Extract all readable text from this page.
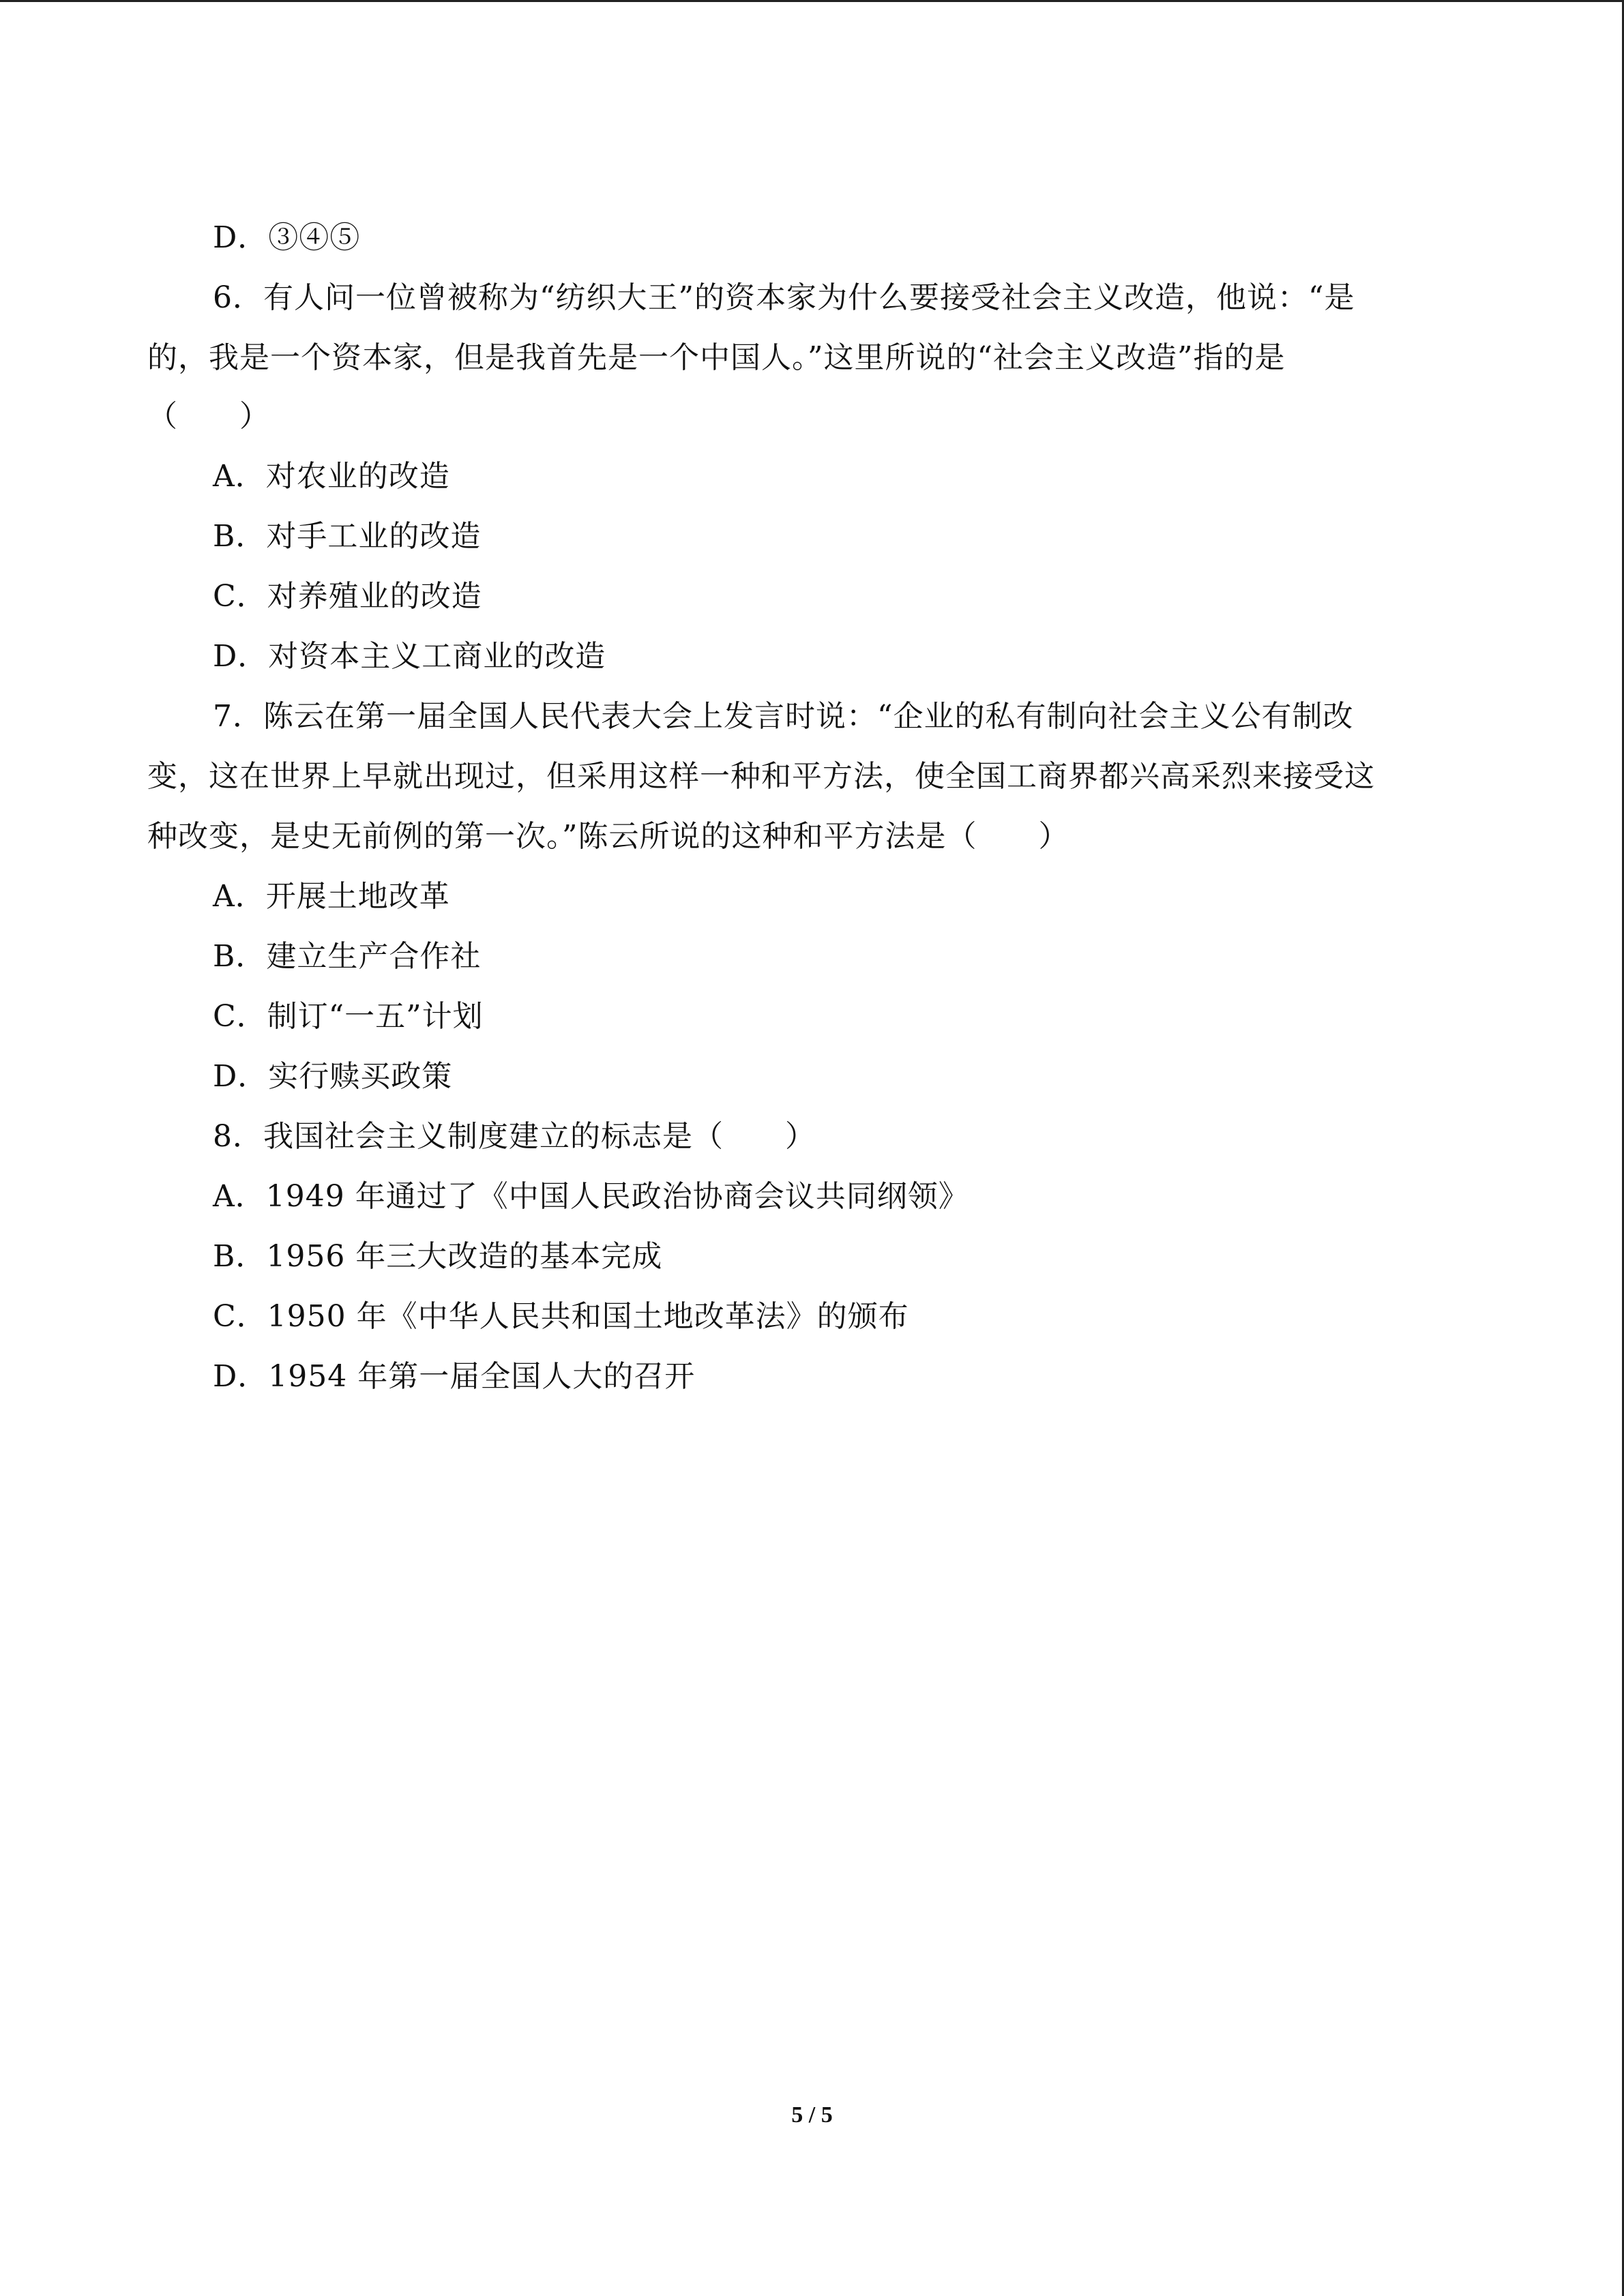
D．③④⑤
6．有人问一位曾被称为“纺织大王”的资本家为什么要接受社会主义改造，他说：“是
的，我是一个资本家，但是我首先是一个中国人。”这里所说的“社会主义改造”指的是
（　　）
A．对农业的改造
B．对手工业的改造
C．对养殖业的改造
D．对资本主义工商业的改造
7．陈云在第一届全国人民代表大会上发言时说：“企业的私有制向社会主义公有制改
变，这在世界上早就出现过，但采用这样一种和平方法，使全国工商界都兴高采烈来接受这
种改变，是史无前例的第一次。”陈云所说的这种和平方法是（　　）
A．开展土地改革
B．建立生产合作社
C．制订“一五”计划
D．实行赎买政策
8．我国社会主义制度建立的标志是（　　）
A．1949 年通过了《中国人民政治协商会议共同纲领》
B．1956 年三大改造的基本完成
C．1950 年《中华人民共和国土地改革法》的颁布
D．1954 年第一届全国人大的召开
5 / 5
